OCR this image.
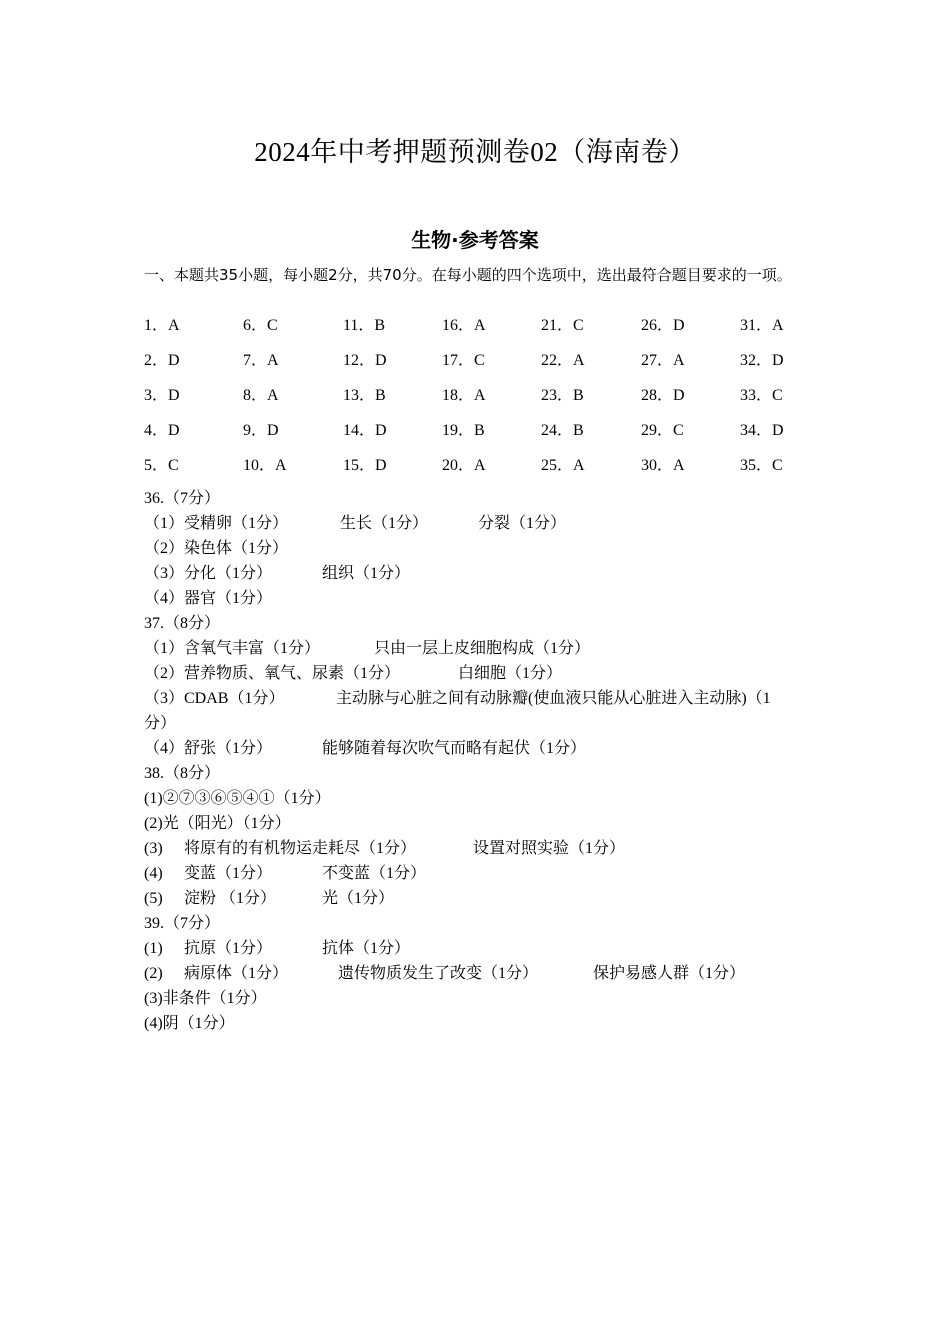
2024年中考押题预测卷02（海南卷）
生物·参考答案
一、本题共35小题，每小题2分，共70分。在每小题的四个选项中，选出最符合题目要求的一项。
1．A	6．C	11．B	16．A	21．C	26．D	31．A
2．D	7．A	12．D	17．C	22．A	27．A	32．D
3．D	8．A	13．B	18．A	23．B	28．D	33．C
4．D	9．D	14．D	19．B	24．B	29．C	34．D
5．C	10．A	15．D	20．A	25．A	30．A	35．C
36.（7分）
（1）受精卵（1分）	生长（1分）	分裂（1分）
（2）染色体（1分）
（3）分化（1分）	组织（1分）
（4）器官（1分）
37.（8分）
（1）含氧气丰富（1分）	只由一层上皮细胞构成（1分）
（2）营养物质、氧气、尿素（1分）	白细胞（1分）
（3）CDAB（1分）	主动脉与心脏之间有动脉瓣(使血液只能从心脏进入主动脉)（1
分）
（4）舒张（1分）	能够随着每次吹气而略有起伏（1分）
38.（8分）
(1)②⑦③⑥⑤④①（1分）
(2)光（阳光）（1分）
(3) 将原有的有机物运走耗尽（1分）	设置对照实验（1分）
(4) 变蓝（1分）	不变蓝（1分）
(5) 淀粉 （1分）	光（1分）
39.（7分）
(1) 抗原（1分）	抗体（1分）
(2) 病原体（1分）	遗传物质发生了改变（1分）	保护易感人群（1分）
(3)非条件（1分）
(4)阴（1分）
